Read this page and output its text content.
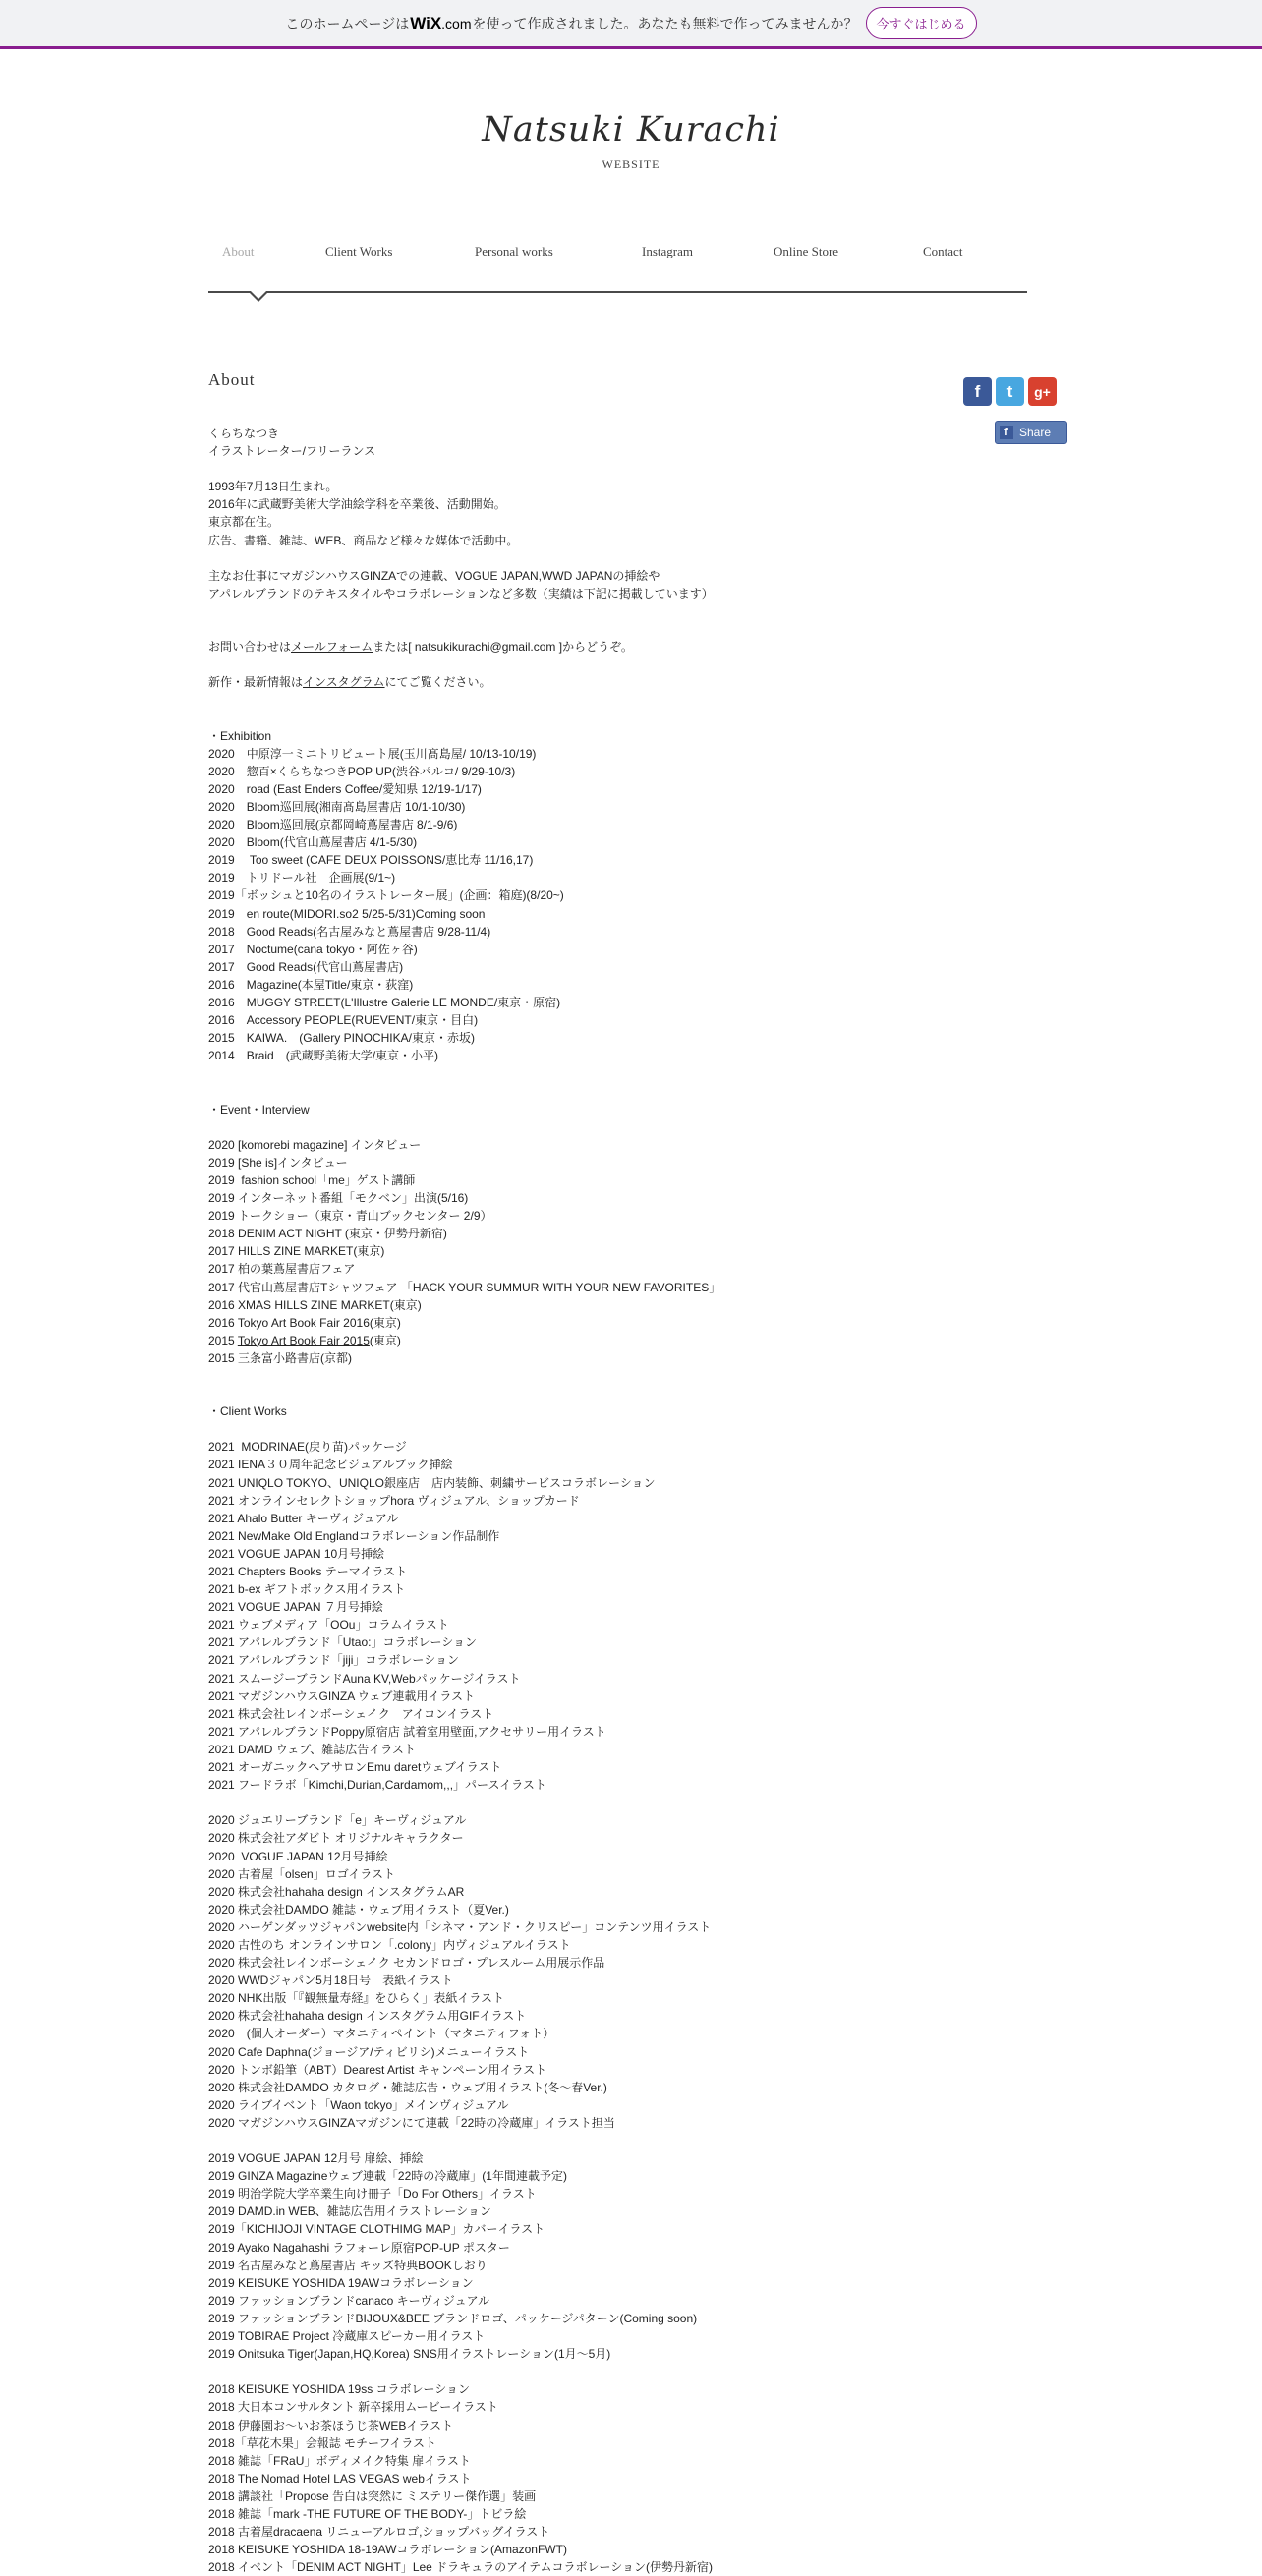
このホームページは WiX.com を使って作成されました。あなたも無料で作ってみませんか？	今すぐはじめる
Natsuki Kurachi
WEBSITE
About	Client Works	Personal works	Instagram	Online Store	Contact
About
f	t	g+
f Share
くらちなつき
イラストレーター/フリーランス
1993年7月13日生まれ。
2016年に武蔵野美術大学油絵学科を卒業後、活動開始。
東京都在住。
広告、書籍、雑誌、WEB、商品など様々な媒体で活動中。
主なお仕事にマガジンハウスGINZAでの連載、VOGUE JAPAN,WWD JAPANの挿絵や
アパレルブランドのテキスタイルやコラボレーションなど多数（実績は下記に掲載しています）
お問い合わせはメールフォームまたは[ natsukikurachi@gmail.com ]からどうぞ。
新作・最新情報はインスタグラムにてご覧ください。
・Exhibition
2020　中原淳一ミニトリビュート展(玉川髙島屋/ 10/13-10/19)
2020　惣百×くらちなつきPOP UP(渋谷パルコ/ 9/29-10/3)
2020　road (East Enders Coffee/愛知県 12/19-1/17)
2020　Bloom巡回展(湘南髙島屋書店 10/1-10/30)
2020　Bloom巡回展(京都岡崎蔦屋書店 8/1-9/6)
2020　Bloom(代官山蔦屋書店 4/1-5/30)
2019　 Too sweet (CAFE DEUX POISSONS/恵比寿 11/16,17)
2019　トリドール社　企画展(9/1~)
2019「ボッシュと10名のイラストレーター展」(企画：箱庭)(8/20~)
2019　en route(MIDORI.so2 5/25-5/31)Coming soon
2018　Good Reads(名古屋みなと蔦屋書店 9/28-11/4)
2017　Noctume(cana tokyo・阿佐ヶ谷)
2017　Good Reads(代官山蔦屋書店)
2016　Magazine(本屋Title/東京・荻窪)
2016　MUGGY STREET(L'Illustre Galerie LE MONDE/東京・原宿)
2016　Accessory PEOPLE(RUEVENT/東京・目白)
2015　KAIWA.　(Gallery PINOCHIKA/東京・赤坂)
2014　Braid　(武蔵野美術大学/東京・小平)
・Event・Interview
2020 [komorebi magazine] インタビュー
2019 [She is]インタビュー
2019  fashion school「me」ゲスト講師
2019 インターネット番組「モクベン」出演(5/16)
2019 トークショー（東京・青山ブックセンター 2/9）
2018 DENIM ACT NIGHT (東京・伊勢丹新宿)
2017 HILLS ZINE MARKET(東京)
2017 柏の葉蔦屋書店フェア
2017 代官山蔦屋書店Tシャツフェア 「HACK YOUR SUMMUR WITH YOUR NEW FAVORITES」
2016 XMAS HILLS ZINE MARKET(東京)
2016 Tokyo Art Book Fair 2016(東京)
2015 Tokyo Art Book Fair 2015(東京)
2015 三条富小路書店(京都)
・Client Works
2021  MODRINAE(戻り苗)パッケージ
2021 IENA３０周年記念ビジュアルブック挿絵
2021 UNIQLO TOKYO、UNIQLO銀座店　店内装飾、刺繍サービスコラボレーション
2021 オンラインセレクトショップhora ヴィジュアル、ショップカード
2021 Ahalo Butter キーヴィジュアル
2021 NewMake Old Englandコラボレーション作品制作
2021 VOGUE JAPAN 10月号挿絵
2021 Chapters Books テーマイラスト
2021 b-ex ギフトボックス用イラスト
2021 VOGUE JAPAN ７月号挿絵
2021 ウェブメディア「OOu」コラムイラスト
2021 アパレルブランド「Utao:」コラボレーション
2021 アパレルブランド「jiji」コラボレーション
2021 スムージーブランドAuna KV,Webパッケージイラスト
2021 マガジンハウスGINZA ウェブ連載用イラスト
2021 株式会社レインボーシェイク　アイコンイラスト
2021 アパレルブランドPoppy原宿店 試着室用壁面,アクセサリー用イラスト
2021 DAMD ウェブ、雑誌広告イラスト
2021 オーガニックヘアサロンEmu daretウェブイラスト
2021 フードラボ「Kimchi,Durian,Cardamom,,,」パースイラスト
2020 ジュエリーブランド「e」キーヴィジュアル
2020 株式会社アダビト オリジナルキャラクター
2020  VOGUE JAPAN 12月号挿絵
2020 古着屋「olsen」ロゴイラスト
2020 株式会社hahaha design インスタグラムAR
2020 株式会社DAMDO 雑誌・ウェブ用イラスト（夏Ver.)
2020 ハーゲンダッツジャパンwebsite内「シネマ・アンド・クリスピー」コンテンツ用イラスト
2020 古性のち オンラインサロン「.colony」内ヴィジュアルイラスト
2020 株式会社レインボーシェイク セカンドロゴ・プレスルーム用展示作品
2020 WWDジャパン5月18日号　表紙イラスト
2020 NHK出版「『観無量寿経』をひらく」表紙イラスト
2020 株式会社hahaha design インスタグラム用GIFイラスト
2020　(個人オーダー）マタニティペイント（マタニティフォト）
2020 Cafe Daphna(ジョージア/ティビリシ)メニューイラスト
2020 トンボ鉛筆（ABT）Dearest Artist キャンペーン用イラスト
2020 株式会社DAMDO カタログ・雑誌広告・ウェブ用イラスト(冬〜春Ver.)
2020 ライブイベント「Waon tokyo」メインヴィジュアル
2020 マガジンハウスGINZAマガジンにて連載「22時の冷蔵庫」イラスト担当
2019 VOGUE JAPAN 12月号 扉絵、挿絵
2019 GINZA Magazineウェブ連載「22時の冷蔵庫」(1年間連載予定)
2019 明治学院大学卒業生向け冊子「Do For Others」イラスト
2019 DAMD.in WEB、雑誌広告用イラストレーション
2019「KICHIJOJI VINTAGE CLOTHIMG MAP」カバーイラスト
2019 Ayako Nagahashi ラフォーレ原宿POP-UP ポスター
2019 名古屋みなと蔦屋書店 キッズ特典BOOKしおり
2019 KEISUKE YOSHIDA 19AWコラボレーション
2019 ファッションブランドcanaco キーヴィジュアル
2019 ファッションブランドBIJOUX&BEE ブランドロゴ、パッケージパターン(Coming soon)
2019 TOBIRAE Project 冷蔵庫スピーカー用イラスト
2019 Onitsuka Tiger(Japan,HQ,Korea) SNS用イラストレーション(1月〜5月)
2018 KEISUKE YOSHIDA 19ss コラボレーション
2018 大日本コンサルタント 新卒採用ムービーイラスト
2018 伊藤園お〜いお茶ほうじ茶WEBイラスト
2018「草花木果」会報誌 モチーフイラスト
2018 雑誌「FRaU」ボディメイク特集 扉イラスト
2018 The Nomad Hotel LAS VEGAS webイラスト
2018 講談社「Propose 告白は突然に ミステリー傑作選」装画
2018 雑誌「mark -THE FUTURE OF THE BODY-」トビラ絵
2018 古着屋dracaena リニューアルロゴ,ショップバッグイラスト
2018 KEISUKE YOSHIDA 18-19AWコラボレーション(AmazonFWT)
2018 イベント「DENIM ACT NIGHT」Lee ドラキュラのアイテムコラボレーション(伊勢丹新宿)
